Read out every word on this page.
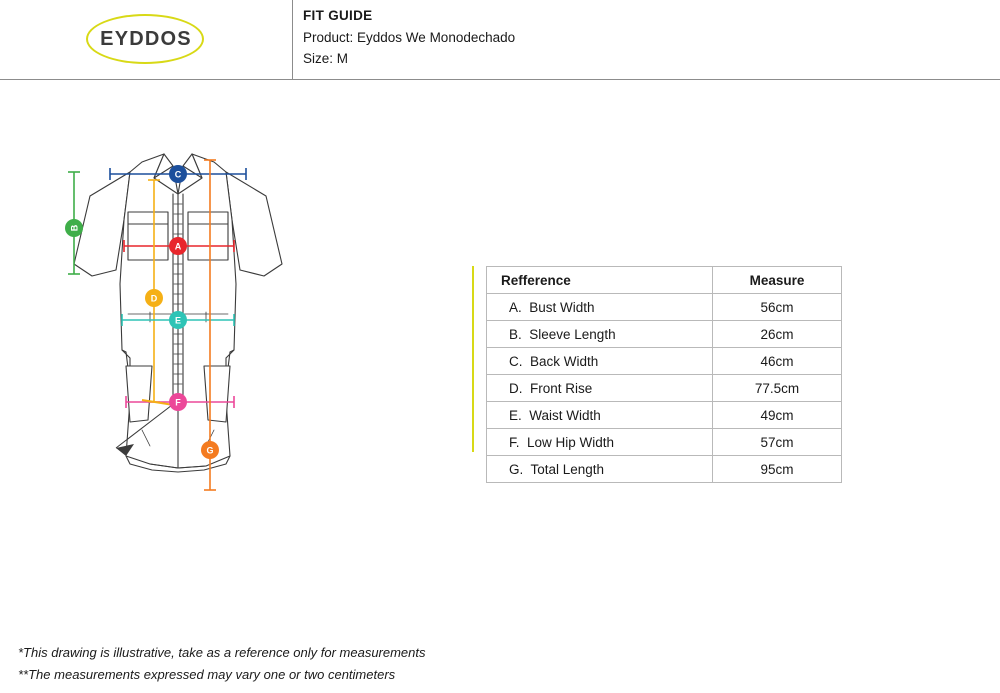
EYDDOS
FIT GUIDE
Product: Eyddos We Monodechado
Size: M
C
B
A
D
E
F
G
Refference	Measure
A.  Bust Width	56cm
B.  Sleeve Length	26cm
C.  Back Width	46cm
D.  Front Rise	77.5cm
E.  Waist Width	49cm
F.  Low Hip Width	57cm
G.  Total Length	95cm
*This drawing is illustrative, take as a reference only for measurements
**The measurements expressed may vary one or two centimeters
